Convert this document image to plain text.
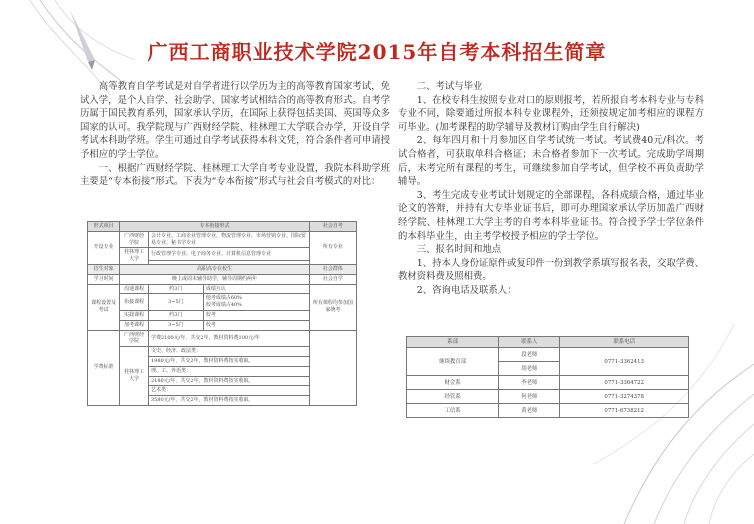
广西工商职业技术学院2015年自考本科招生简章

高等教育自学考试是对自学者进行以学历为主的高等教育国家考试，免试入学，是个人自学、社会助学、国家考试相结合的高等教育形式。自考学历属于国民教育系列，国家承认学历，在国际上获得包括美国、英国等众多国家的认可。我学院现与广西财经学院、桂林理工大学联合办学，开设自学考试本科助学班。学生可通过自学考试获得本科文凭，符合条件者可申请授予相应的学士学位。

一、根据广西财经学院、桂林理工大学自考专业设置，我院本科助学班主要是“专本衔接”形式。下表为“专本衔接”形式与社会自考模式的对比：

形式项目	专本衔接形式			社会自考
开设专业	广西财经学院	会计专业、工商企业管理专业、物流管理专业、市场营销专业、国际贸易专业、秘书学专业		所有专业
	桂林理工大学	行政管理学专业、电子商务专业、计算机信息管理专业		

招生对象	高职高专在校生			社会群体
学习时间	晚上或周末辅导助学，辅导周期约两年			社会自学
课程设置及考试	沟通课程	约3门	成绩互认	所有课程均参加国家统考
	衔接课程	3~5门	他考成绩占60%
校考成绩占40%	
	实践课程	约3门	校考	
	加考课程	3~5门	校考	
学费标准	广西财经学院	学费2100元/年，共交2年，教材资料费100元/年		
	桂林理工大学	文史、经济、政法类：		
		1980元/年，共交2年，教材资料费按实收取。		
		理、工、外语类：		
		2180元/年，共交2年，教材资料费按实收取。		
		艺术类：		
		3580元/年，共交2年，教材资料费按实收取。		

二、考试与毕业

1、在校专科生按照专业对口的原则报考，若所报自考本科专业与专科专业不同，除要通过所报本科专业课程外，还须按规定加考相应的课程方可毕业。(加考课程的助学辅导及教材订购由学生自行解决)

2、每年四月和十月参加区自学考试统一考试。考试费40元/科次。考试合格者，可获取单科合格证；未合格者参加下一次考试。完成助学周期后，未考完所有课程的考生，可继续参加自学考试，但学校不再负责助学辅导。

3、考生完成专业考试计划规定的全部课程，各科成绩合格，通过毕业论文的答辩，并持有大专毕业证书后，即可办理国家承认学历加盖广西财经学院、桂林理工大学主考的自考本科毕业证书。符合授予学士学位条件的本科毕业生，由主考学校授予相应的学士学位。

三、报名时间和地点

1、持本人身份证原件或复印件一份到教学系填写报名表，交取学费、教材资料费及照相费。

2、咨询电话及联系人：

系部	联系人	联系电话
继续教育部	段老师	0771-3362413
	胡老师	
财会系	李老师	0771-3364722
经管系	何老师	0771-3274378
工信系	黄老师	0771-6738212
